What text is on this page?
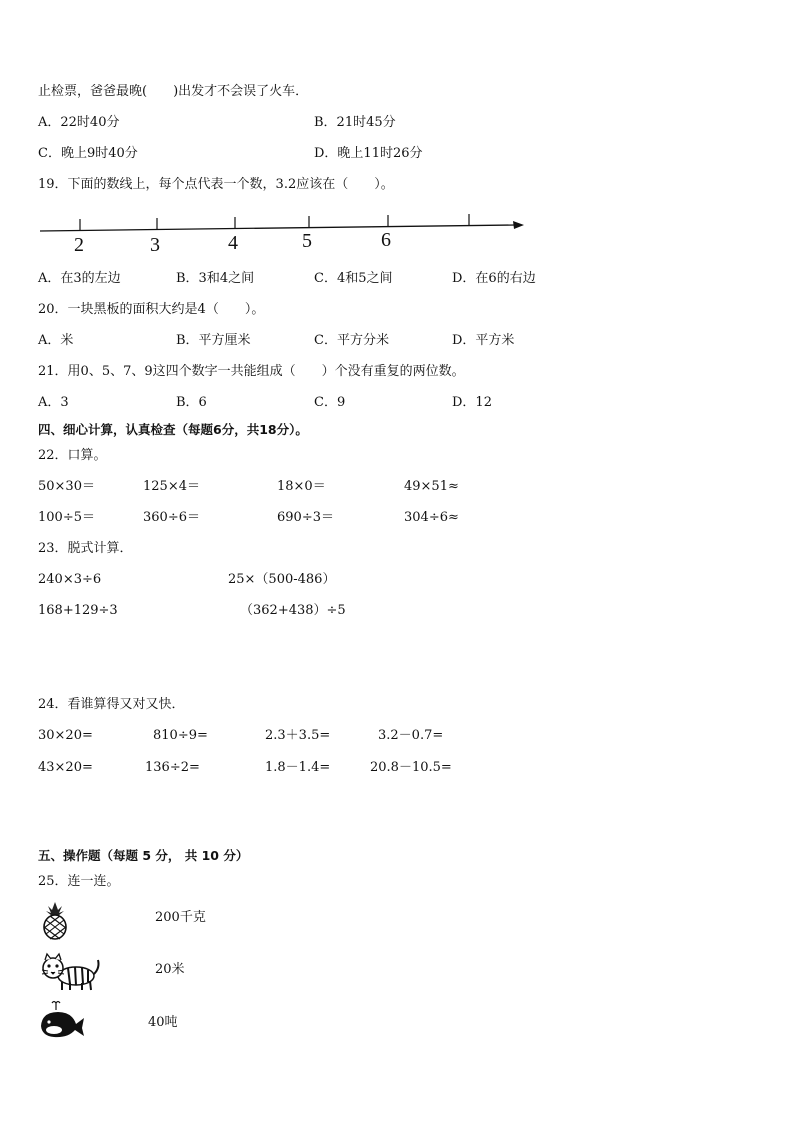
止检票，爸爸最晚(　　)出发才不会误了火车．
A．22时40分	B．21时45分
C．晚上9时40分	D．晚上11时26分
19．下面的数线上，每个点代表一个数，3.2应该在（　　）。
2	3	4	5	6
A．在3的左边	B．3和4之间	C．4和5之间	D．在6的右边
20．一块黑板的面积大约是4（　　）。
A．米	B．平方厘米	C．平方分米	D．平方米
21．用0、5、7、9这四个数字一共能组成（　　）个没有重复的两位数。
A．3	B．6	C．9	D．12
四、细心计算，认真检查（每题6分，共18分）。
22．口算。
50×30＝	125×4＝	18×0＝	49×51≈
100÷5＝	360÷6＝	690÷3＝	304÷6≈
23．脱式计算．
240×3÷6	25×（500-486）
168+129÷3	（362+438）÷5
24．看谁算得又对又快．
30×20=	810÷9=	2.3＋3.5=	3.2－0.7=
43×20=	136÷2=	1.8－1.4=	20.8－10.5=
五、操作题（每题 5 分， 共 10 分）
25．连一连。
200千克
20米
40吨
